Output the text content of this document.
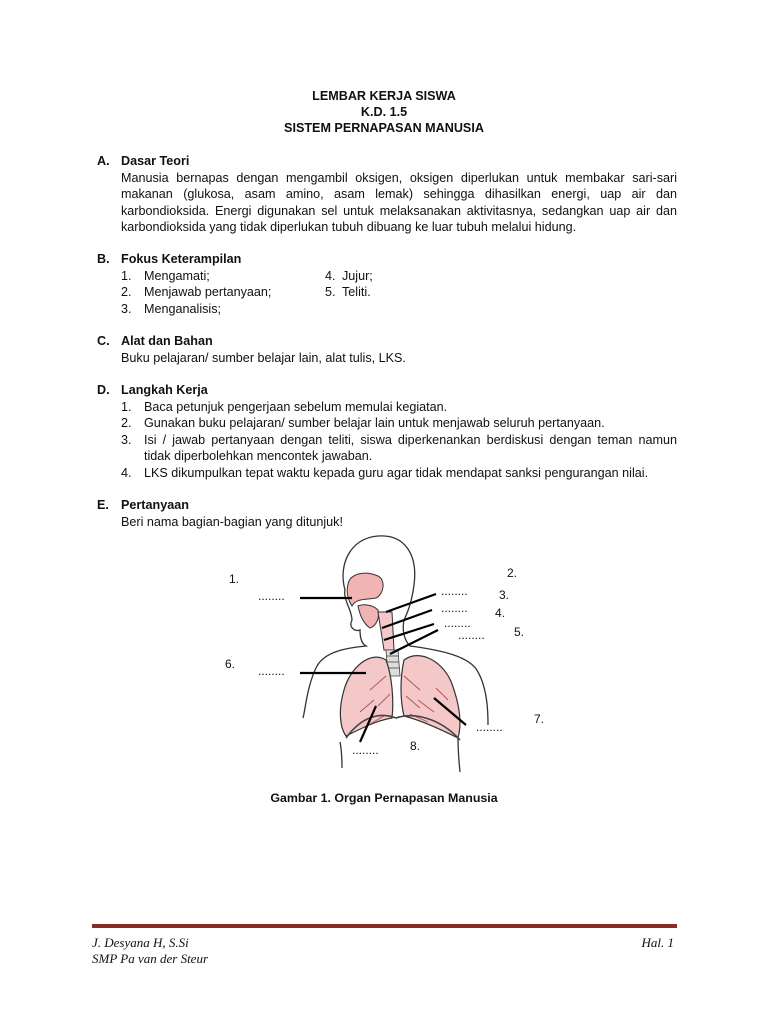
LEMBAR KERJA SISWA
K.D. 1.5
SISTEM PERNAPASAN MANUSIA
A. Dasar Teori
Manusia bernapas dengan mengambil oksigen, oksigen diperlukan untuk membakar sari-sari makanan (glukosa, asam amino, asam lemak) sehingga dihasilkan energi, uap air dan karbondioksida. Energi digunakan sel untuk melaksanakan aktivitasnya, sedangkan uap air dan karbondioksida yang tidak diperlukan tubuh dibuang ke luar tubuh melalui hidung.
B. Fokus Keterampilan
1. Mengamati;	4. Jujur;
2. Menjawab pertanyaan;	5. Teliti.
3. Menganalisis;
C. Alat dan Bahan
Buku pelajaran/ sumber belajar lain, alat tulis, LKS.
D. Langkah Kerja
1. Baca petunjuk pengerjaan sebelum memulai kegiatan.
2. Gunakan buku pelajaran/ sumber belajar lain untuk menjawab seluruh pertanyaan.
3. Isi / jawab pertanyaan dengan teliti, siswa diperkenankan berdiskusi dengan teman namun tidak diperbolehkan mencontek jawaban.
4. LKS dikumpulkan tepat waktu kepada guru agar tidak mendapat sanksi pengurangan nilai.
E. Pertanyaan
Beri nama bagian-bagian yang ditunjuk!
1.	2.
3.
4.
5.
6.
7.
8.
........	........
........
........
........
........
........
........
Gambar 1. Organ Pernapasan Manusia
J. Desyana H, S.Si
SMP Pa van der Steur
Hal. 1
